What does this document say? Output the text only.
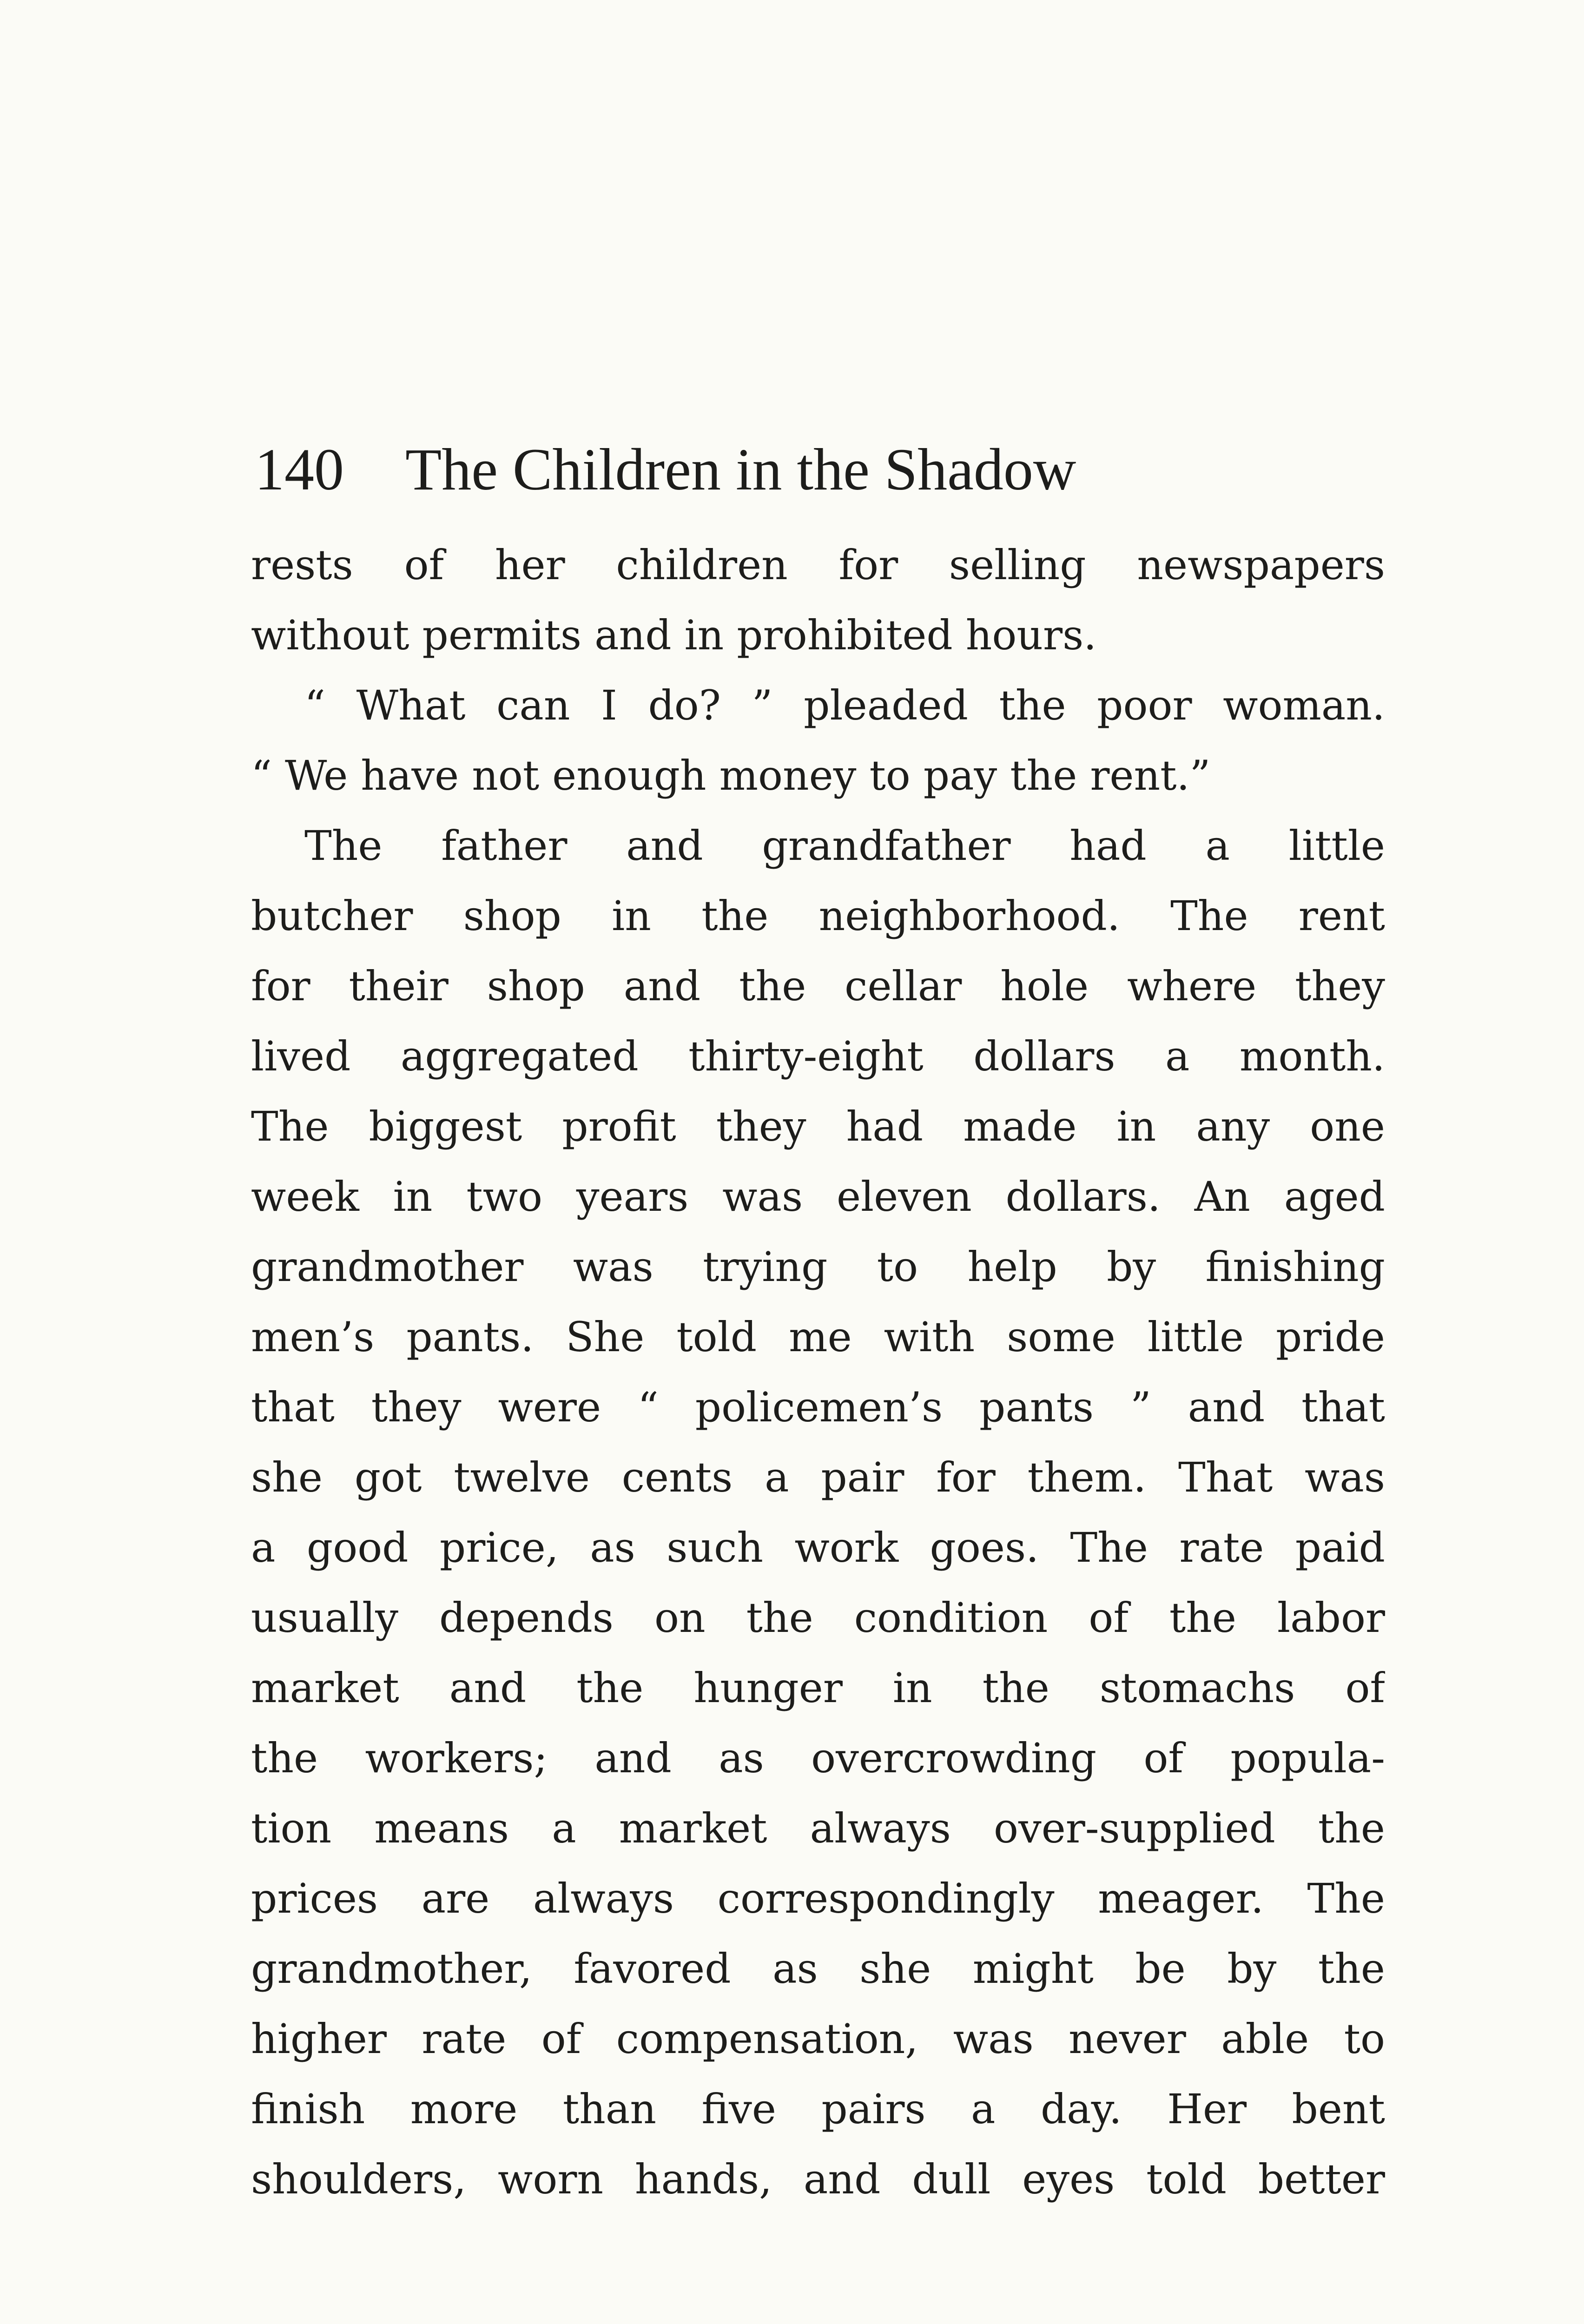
140 The Children in the Shadow
rests of her children for selling newspapers
without permits and in prohibited hours.
“ What can I do? ” pleaded the poor woman.
“ We have not enough money to pay the rent.”
The father and grandfather had a little
butcher shop in the neighborhood. The rent
for their shop and the cellar hole where they
lived aggregated thirty-eight dollars a month.
The biggest profit they had made in any one
week in two years was eleven dollars. An aged
grandmother was trying to help by finishing
men’s pants. She told me with some little pride
that they were “ policemen’s pants ” and that
she got twelve cents a pair for them. That was
a good price, as such work goes. The rate paid
usually depends on the condition of the labor
market and the hunger in the stomachs of
the workers; and as overcrowding of popula-
tion means a market always over-supplied the
prices are always correspondingly meager. The
grandmother, favored as she might be by the
higher rate of compensation, was never able to
finish more than five pairs a day. Her bent
shoulders, worn hands, and dull eyes told better
